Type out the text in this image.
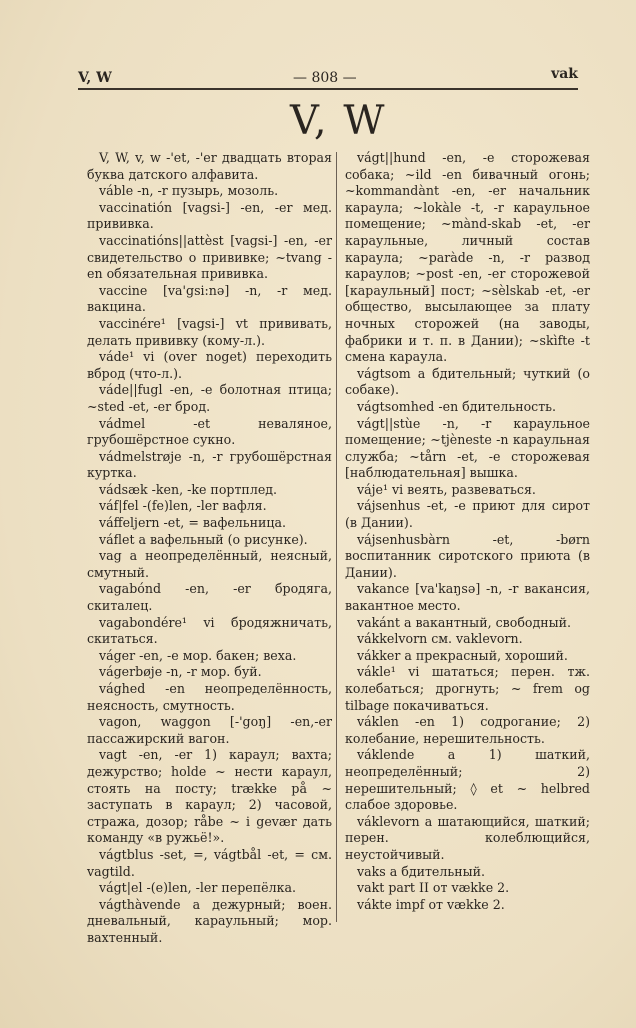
V, W	— 808 —	vak
V, W

V, W, v, w -'et, -'er двадцать вторая буква датского алфавита.

váble -n, -r пузырь, мозоль.

vaccinatión [vagsi-] -en, -er мед. прививка.

vaccinatións||attèst [vagsi-] -en, -er свидетельство о прививке; ~tvang -en обязательная прививка.

vaccine [va'gsi:nə] -n, -r мед. вакцина.

vaccinére¹ [vagsi-] vt прививать, делать прививку (кому-л.).

váde¹ vi (over noget) переходить вброд (что-л.).

váde||fugl -en, -e болотная птица; ~sted -et, -er брод.

vádmel -et неваляное, грубошёрстное сукно.

vádmelstrøje -n, -r грубошёрстная куртка.

vádsæk -ken, -ke портплед.

váf|fel -(fe)len, -ler вафля.

váffeljern -et, = вафельница.

váflet a вафельный (о рисунке).

vag a неопределённый, неясный, смутный.

vagabónd -en, -er бродяга, скиталец.

vagabondére¹ vi бродяжничать, скитаться.

váger -en, -e мор. бакен; веха.

vágerbøje -n, -r мор. буй.

vághed -en неопределённость, неясность, смутность.

vagon, waggon [-'goŋ] -en,-er пассажирский вагон.

vagt -en, -er 1) караул; вахта; дежурство; holde ~ нести караул, стоять на посту; trække på ~ заступать в караул; 2) часовой, стража, дозор; råbe ~ i gevær дать команду «в ружьё!».

vágtblus -set, =, vágtbål -et, = см. vagtild.

vágt|el -(e)len, -ler перепёлка.

vágthàvende a дежурный; воен. дневальный, караульный; мор. вахтенный.

vágt||hund -en, -e сторожевая собака; ~ild -en бивачный огонь; ~kommandànt -en, -er начальник караула; ~lokàle -t, -r караульное помещение; ~mànd-skab -et, -er караульные, личный состав караула; ~paràde -n, -r развод караулов; ~post -en, -er сторожевой [караульный] пост; ~sèlskab -et, -er общество, высылающее за плату ночных сторожей (на заводы, фабрики и т. п. в Дании); ~skìfte -t смена караула.

vágtsom a бдительный; чуткий (о собаке).

vágtsomhed -en бдительность.

vágt||stùe -n, -r караульное помещение; ~tjèneste -n караульная служба; ~tårn -et, -e сторожевая [наблюдательная] вышка.

váje¹ vi веять, развеваться.

vájsenhus -et, -e приют для сирот (в Дании).

vájsenhusbàrn -et, -børn воспитанник сиротского приюта (в Дании).

vakance [va'kaŋsə] -n, -r вакансия, вакантное место.

vakánt a вакантный, свободный.

vákkelvorn см. vaklevorn.

vákker a прекрасный, хороший.

vákle¹ vi шататься; перен. тж. колебаться; дрогнуть; ~ frem og tilbage покачиваться.

váklen -en 1) содрогание; 2) колебание, нерешительность.

váklende a 1) шаткий, неопределённый; 2) нерешительный; ◊ et ~ helbred слабое здоровье.

váklevorn a шатающийся, шаткий; перен. колеблющийся, неустойчивый.

vaks a бдительный.

vakt part II от vække 2.

vákte impf от vække 2.
